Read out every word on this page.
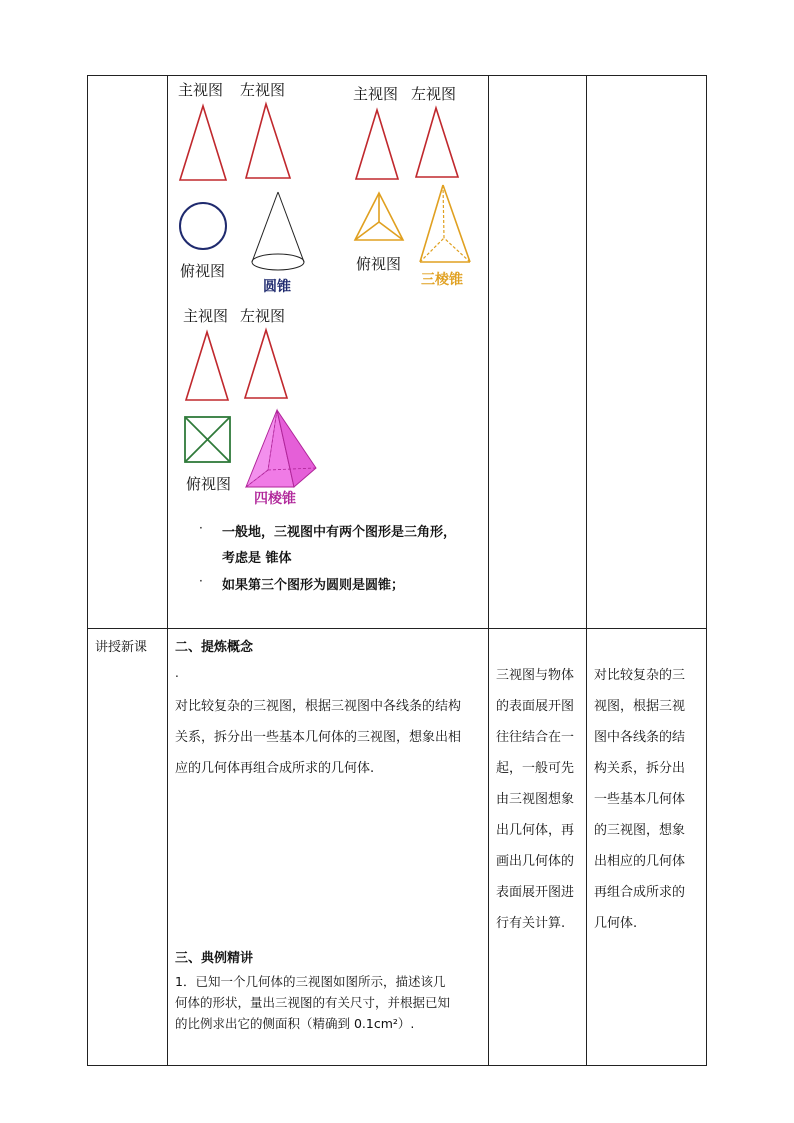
主视图 左视图
俯视图
圆锥
主视图 左视图
俯视图
三棱锥
主视图 左视图
俯视图
四棱锥
· 一般地，三视图中有两个图形是三角形，
考虑是 锥体
· 如果第三个图形为圆则是圆锥；
讲授新课 二、提炼概念
.
对比较复杂的三视图，根据三视图中各线条的结构
关系，拆分出一些基本几何体的三视图，想象出相
应的几何体再组合成所求的几何体.
三、典例精讲
1．已知一个几何体的三视图如图所示，描述该几
何体的形状，量出三视图的有关尺寸，并根据已知
的比例求出它的侧面积（精确到 0.1cm²）.
三视图与物体
的表面展开图
往往结合在一
起，一般可先
由三视图想象
出几何体，再
画出几何体的
表面展开图进
行有关计算.
对比较复杂的三
视图，根据三视
图中各线条的结
构关系，拆分出
一些基本几何体
的三视图，想象
出相应的几何体
再组合成所求的
几何体.
